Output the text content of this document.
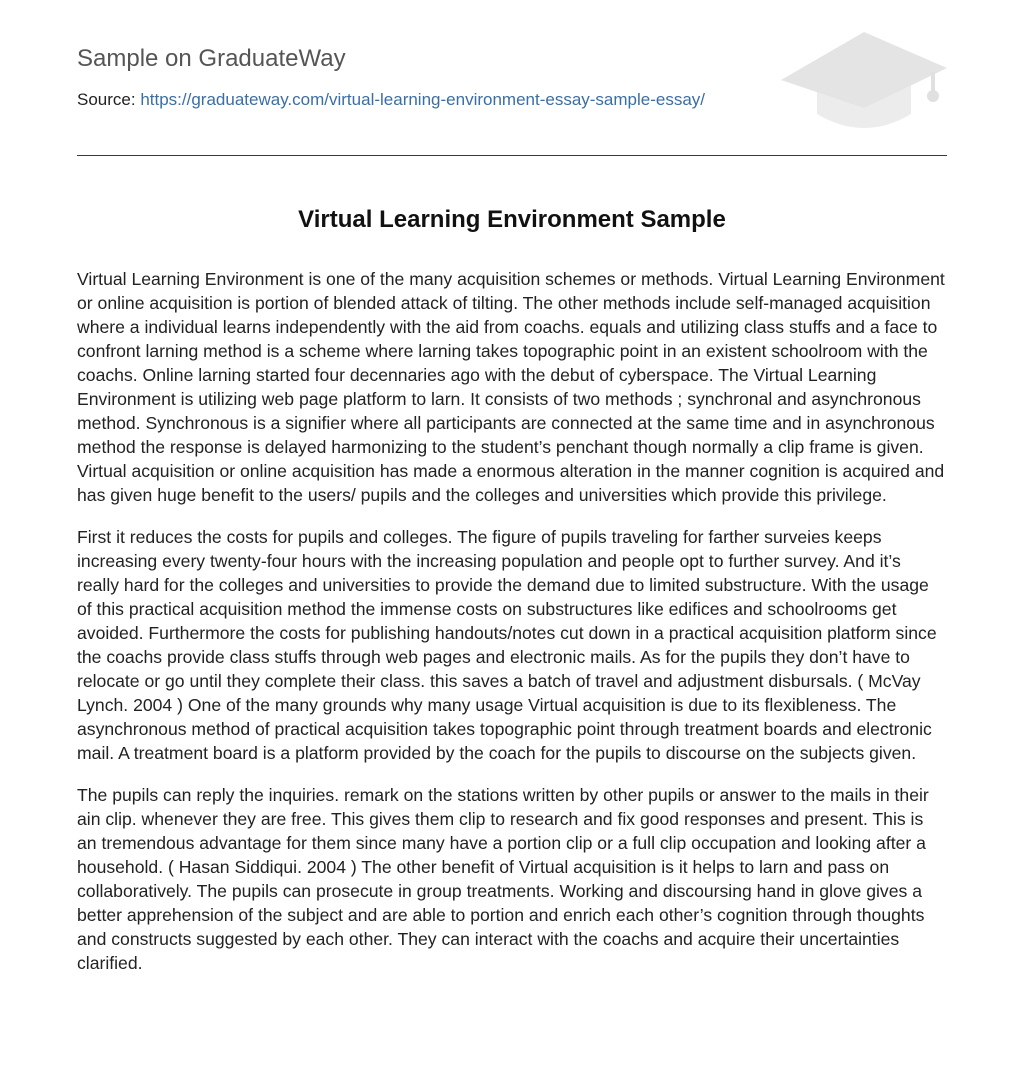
Sample on GraduateWay
Source: https://graduateway.com/virtual-learning-environment-essay-sample-essay/
Virtual Learning Environment Sample

Virtual Learning Environment is one of the many acquisition schemes or methods. Virtual Learning Environment or online acquisition is portion of blended attack of tilting. The other methods include self-managed acquisition where a individual learns independently with the aid from coachs. equals and utilizing class stuffs and a face to confront larning method is a scheme where larning takes topographic point in an existent schoolroom with the coachs. Online larning started four decennaries ago with the debut of cyberspace. The Virtual Learning Environment is utilizing web page platform to larn. It consists of two methods ; synchronal and asynchronous method. Synchronous is a signifier where all participants are connected at the same time and in asynchronous method the response is delayed harmonizing to the student’s penchant though normally a clip frame is given. Virtual acquisition or online acquisition has made a enormous alteration in the manner cognition is acquired and has given huge benefit to the users/ pupils and the colleges and universities which provide this privilege.

First it reduces the costs for pupils and colleges. The figure of pupils traveling for farther surveies keeps increasing every twenty-four hours with the increasing population and people opt to further survey. And it’s really hard for the colleges and universities to provide the demand due to limited substructure. With the usage of this practical acquisition method the immense costs on substructures like edifices and schoolrooms get avoided. Furthermore the costs for publishing handouts/notes cut down in a practical acquisition platform since the coachs provide class stuffs through web pages and electronic mails. As for the pupils they don’t have to relocate or go until they complete their class. this saves a batch of travel and adjustment disbursals. ( McVay Lynch. 2004 ) One of the many grounds why many usage Virtual acquisition is due to its flexibleness. The asynchronous method of practical acquisition takes topographic point through treatment boards and electronic mail. A treatment board is a platform provided by the coach for the pupils to discourse on the subjects given.

The pupils can reply the inquiries. remark on the stations written by other pupils or answer to the mails in their ain clip. whenever they are free. This gives them clip to research and fix good responses and present. This is an tremendous advantage for them since many have a portion clip or a full clip occupation and looking after a household. ( Hasan Siddiqui. 2004 ) The other benefit of Virtual acquisition is it helps to larn and pass on collaboratively. The pupils can prosecute in group treatments. Working and discoursing hand in glove gives a better apprehension of the subject and are able to portion and enrich each other’s cognition through thoughts and constructs suggested by each other. They can interact with the coachs and acquire their uncertainties clarified.
